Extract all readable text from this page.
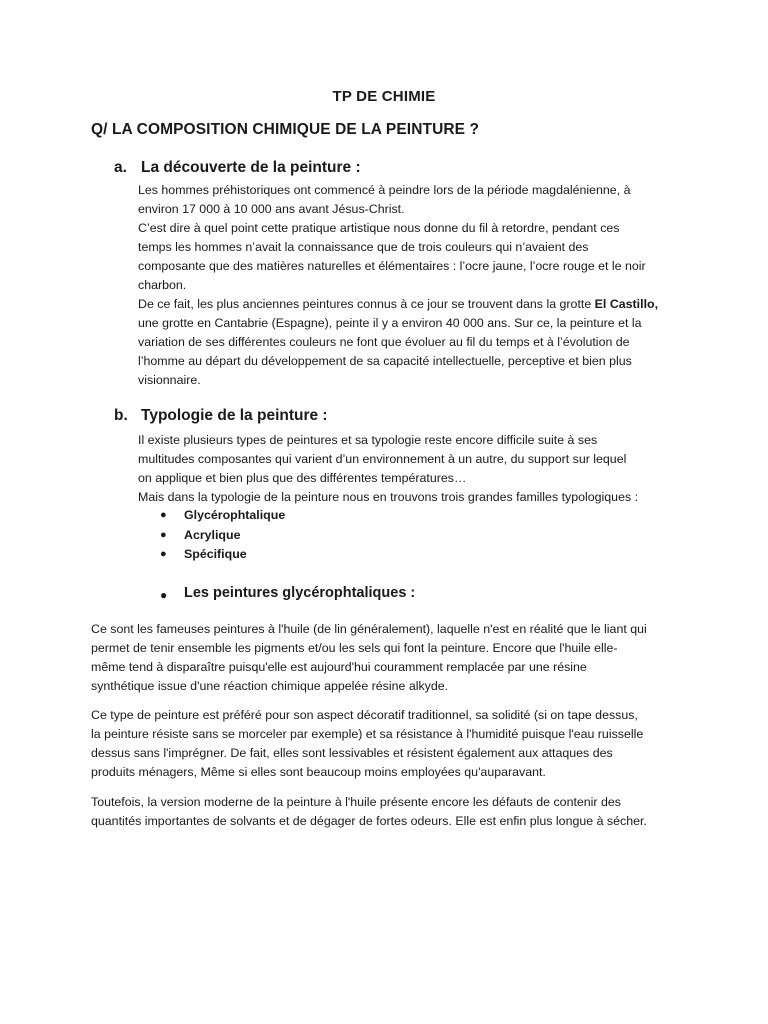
TP DE CHIMIE
Q/ LA COMPOSITION CHIMIQUE DE LA PEINTURE ?
a. La découverte de la peinture :

Les hommes préhistoriques ont commencé à peindre lors de la période magdalénienne, à

environ 17 000 à 10 000 ans avant Jésus-Christ.

C’est dire à quel point cette pratique artistique nous donne du fil à retordre, pendant ces

temps les hommes n’avait la connaissance que de trois couleurs qui n’avaient des

composante que des matières naturelles et élémentaires : l’ocre jaune, l’ocre rouge et le noir

charbon.

De ce fait, les plus anciennes peintures connus à ce jour se trouvent dans la grotte El Castillo,

une grotte en Cantabrie (Espagne), peinte il y a environ 40 000 ans. Sur ce, la peinture et la

variation de ses différentes couleurs ne font que évoluer au fil du temps et à l’évolution de

l’homme au départ du développement de sa capacité intellectuelle, perceptive et bien plus

visionnaire.

b. Typologie de la peinture :

Il existe plusieurs types de peintures et sa typologie reste encore difficile suite à ses

multitudes composantes qui varient d’un environnement à un autre, du support sur lequel

on applique et bien plus que des différentes températures…

Mais dans la typologie de la peinture nous en trouvons trois grandes familles typologiques :

●	Glycérophtalique
●	Acrylique
●	Spécifique
●	Les peintures glycérophtaliques :
Ce sont les fameuses peintures à l'huile (de lin généralement), laquelle n'est en réalité que le liant qui
permet de tenir ensemble les pigments et/ou les sels qui font la peinture. Encore que l'huile elle-
même tend à disparaître puisqu'elle est aujourd'hui couramment remplacée par une résine
synthétique issue d'une réaction chimique appelée résine alkyde.
Ce type de peinture est préféré pour son aspect décoratif traditionnel, sa solidité (si on tape dessus,
la peinture résiste sans se morceler par exemple) et sa résistance à l'humidité puisque l'eau ruisselle
dessus sans l'imprégner. De fait, elles sont lessivables et résistent également aux attaques des
produits ménagers, Même si elles sont beaucoup moins employées qu'auparavant.
Toutefois, la version moderne de la peinture à l'huile présente encore les défauts de contenir des
quantités importantes de solvants et de dégager de fortes odeurs. Elle est enfin plus longue à sécher.
